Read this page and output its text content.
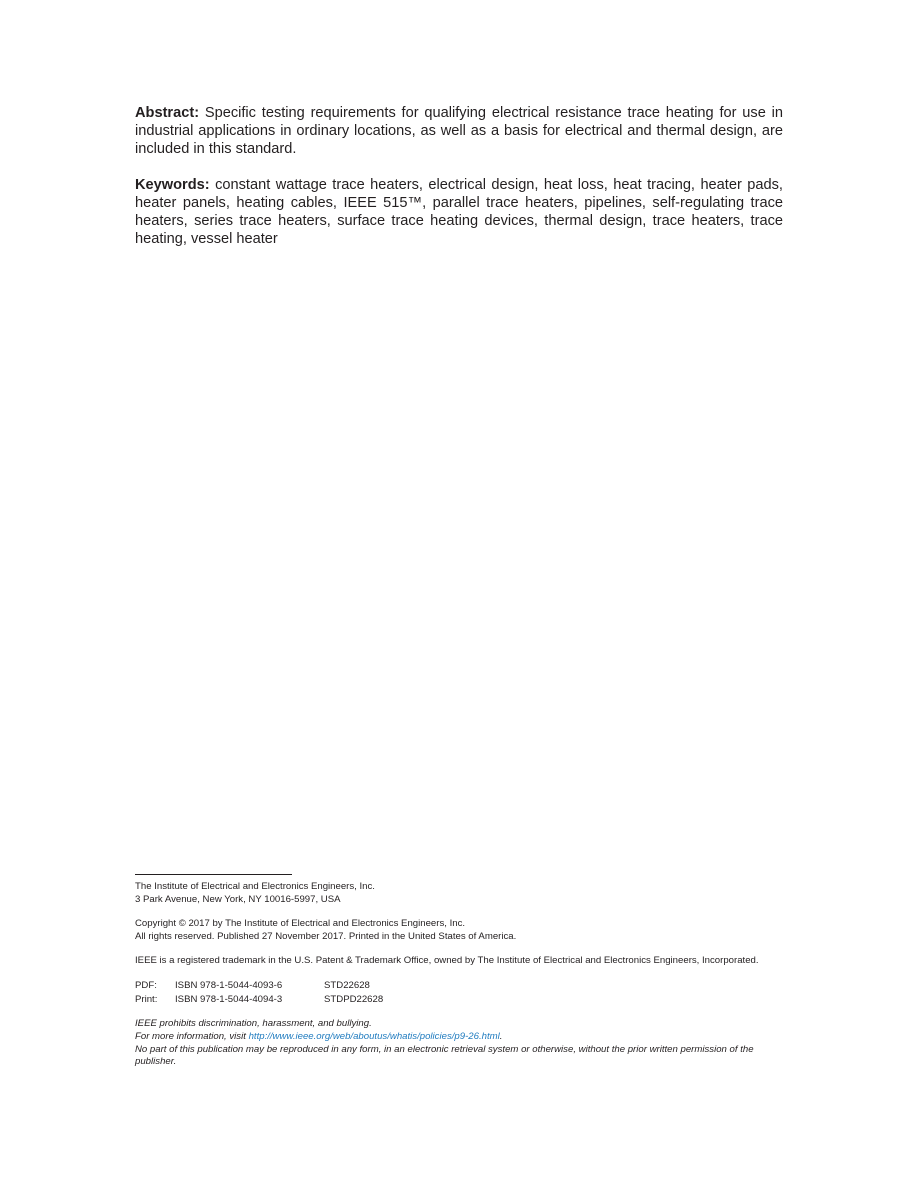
Abstract: Specific testing requirements for qualifying electrical resistance trace heating for use in industrial applications in ordinary locations, as well as a basis for electrical and thermal design, are included in this standard.

Keywords: constant wattage trace heaters, electrical design, heat loss, heat tracing, heater pads, heater panels, heating cables, IEEE 515™, parallel trace heaters, pipelines, self-regulating trace heaters, series trace heaters, surface trace heating devices, thermal design, trace heaters, trace heating, vessel heater

The Institute of Electrical and Electronics Engineers, Inc.
3 Park Avenue, New York, NY 10016-5997, USA

Copyright © 2017 by The Institute of Electrical and Electronics Engineers, Inc.
All rights reserved. Published 27 November 2017. Printed in the United States of America.

IEEE is a registered trademark in the U.S. Patent & Trademark Office, owned by The Institute of Electrical and Electronics Engineers, Incorporated.

PDF:	ISBN 978-1-5044-4093-6	STD22628
Print:	ISBN 978-1-5044-4094-3	STDPD22628

IEEE prohibits discrimination, harassment, and bullying.
For more information, visit http://www.ieee.org/web/aboutus/whatis/policies/p9-26.html.
No part of this publication may be reproduced in any form, in an electronic retrieval system or otherwise, without the prior written permission of the publisher.
